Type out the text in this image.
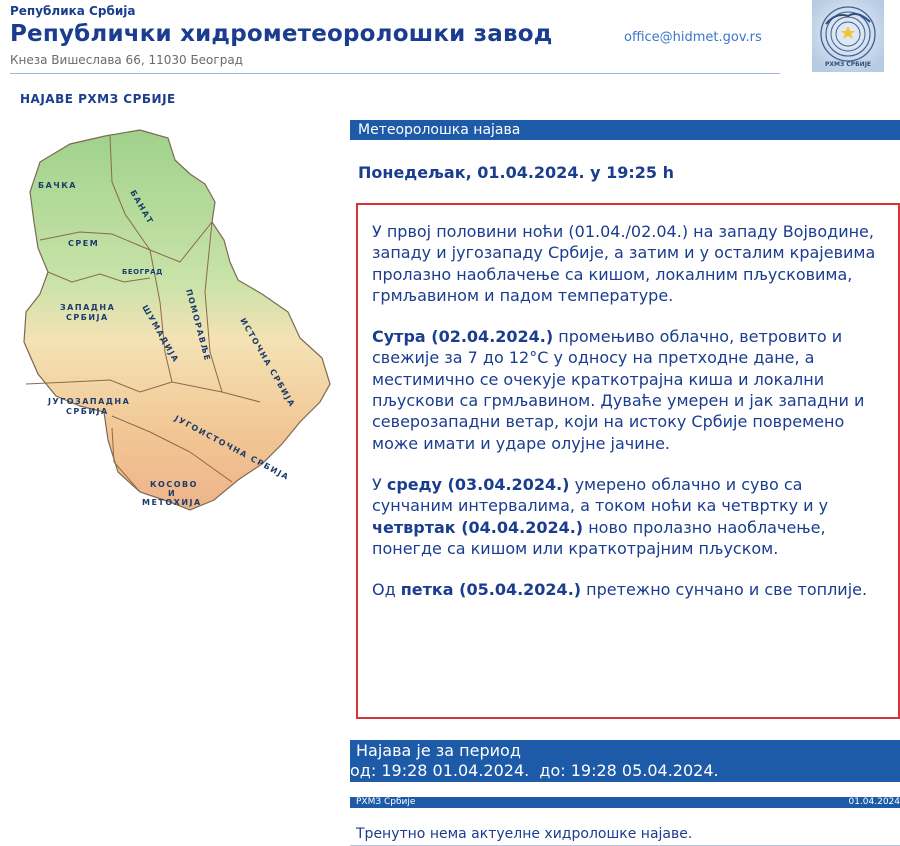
Република Србија
Републички хидрометеоролошки завод
Кнеза Вишеслава 66, 11030 Београд
office@hidmet.gov.rs
РХМЗ СРБИЈЕ
НАЈАВЕ РХМЗ СРБИЈЕ
БАЧКА
БАНАТ
СРЕМ
БЕОГРАД
ЗАПАДНА
СРБИЈА	ШУМАДИЈА ПОМОРАВЉЕ	ИСТОЧНА СРБИЈА
ЈУГОЗАПАДНА
СРБИЈА
ЈУГОИСТОЧНА СРБИЈА
КОСОВО
И
МЕТОХИЈА
Метеоролошка најава
Понедељак, 01.04.2024. у 19:25 h

У првој половини ноћи (01.04./02.04.) на западу Војводине, западу и југозападу Србије, а затим и у осталим крајевима пролазно наоблачење са кишом, локалним пљусковима, грмљавином и падом температуре.

Сутра (02.04.2024.) промењиво облачно, ветровито и свежије за 7 до 12°C у односу на претходне дане, а местимично се очекује краткотрајна киша и локални пљускови са грмљавином. Дуваће умерен и јак западни и северозападни ветар, који на истоку Србије повремено може имати и ударе олујне јачине.

У среду (03.04.2024.) умерено облачно и суво са сунчаним интервалима, а током ноћи ка четвртку и у четвртак (04.04.2024.) ново пролазно наоблачење, понегде са кишом или краткотрајним пљуском.

Од петка (05.04.2024.) претежно сунчано и све топлије.

Најава је за период
од: 19:28 01.04.2024.  до: 19:28 05.04.2024.
РХМЗ Србије	01.04.2024
Тренутно нема актуелне хидролошке најаве.
